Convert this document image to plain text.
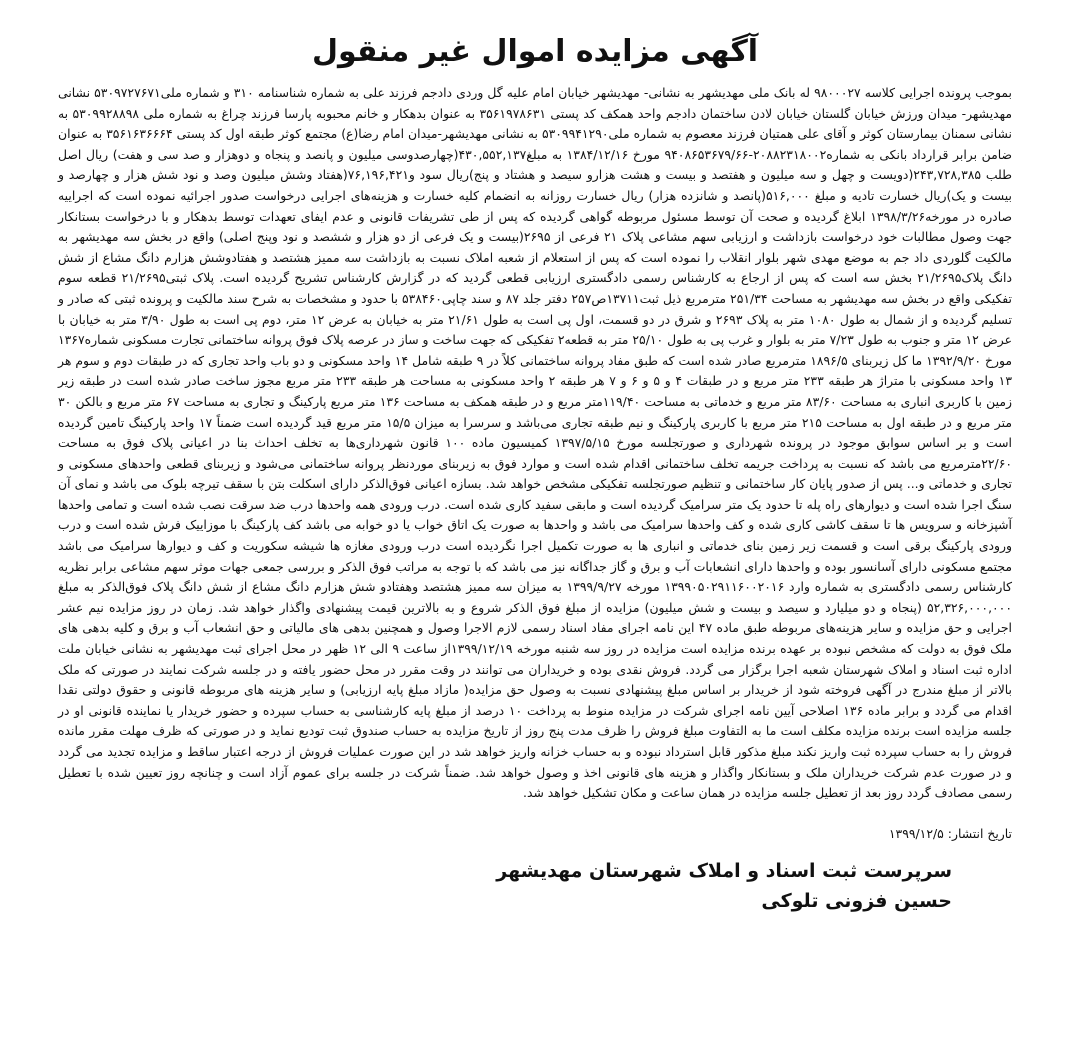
آگهی مزایده اموال غیر منقول

بموجب پرونده اجرایی کلاسه ۹۸۰۰۰۲۷ له بانک ملی مهدیشهر به نشانی- مهدیشهر خیابان امام علیه گل وردی دادجم فرزند علی به شماره شناسنامه ۳۱۰ و شماره ملی۵۳۰۹۷۲۷۶۷۱ نشانی مهدیشهر- میدان ورزش خیابان گلستان خیابان لادن ساختمان دادجم واحد همکف کد پستی ۳۵۶۱۹۷۸۶۳۱ به عنوان بدهکار و خانم محبوبه پارسا فرزند چراغ به شماره ملی ۵۳۰۹۹۲۸۸۹۸ به نشانی سمنان بیمارستان کوثر و آقای علی همتیان فرزند معصوم به شماره ملی۵۳۰۹۹۴۱۲۹۰ به نشانی مهدیشهر-میدان امام رضا(ع) مجتمع کوثر طبقه اول کد پستی ۳۵۶۱۶۳۶۶۶۴ به عنوان ضامن برابر قرارداد بانکی به شماره۲۰۸۸۲۳۱۸۰۰۲-۹۴۰۸۶۵۳۶۷۹/۶۶ مورخ ۱۳۸۴/۱۲/۱۶ به مبلغ۴۳۰,۵۵۲,۱۳۷(چهارصدوسی میلیون و پانصد و پنجاه و دوهزار و صد سی و هفت) ریال اصل طلب ۲۴۳,۷۲۸,۳۸۵(دویست و چهل و سه میلیون و هفتصد و بیست و هشت هزارو سیصد و هشتاد و پنج)ریال سود و۷۶,۱۹۶,۴۲۱(هفتاد وشش میلیون وصد و نود شش هزار و چهارصد و بیست و یک)ریال خسارت تادیه و مبلغ ۵۱۶,۰۰۰(پانصد و شانزده هزار) ریال خسارت روزانه به انضمام کلیه خسارت و هزینه‌های اجرایی درخواست صدور اجرائیه نموده است که اجراییه صادره در مورخه۱۳۹۸/۳/۲۶ ابلاغ گردیده و صحت آن توسط مسئول مربوطه گواهی گردیده که پس از طی تشریفات قانونی و عدم ایفای تعهدات توسط بدهکار و با درخواست بستانکار جهت وصول مطالبات خود درخواست بازداشت و ارزیابی سهم مشاعی پلاک ۲۱ فرعی از ۲۶۹۵(بیست و یک فرعی از دو هزار و ششصد و نود وپنج اصلی) واقع در بخش سه مهدیشهر به مالکیت گلوردی داد جم به موضع مهدی شهر بلوار انقلاب را نموده است که پس از استعلام از شعبه املاک نسبت به بازداشت سه ممیز هشتصد و هفتادوشش هزارم دانگ مشاع از شش دانگ پلاک۲۱/۲۶۹۵ بخش سه است که پس از ارجاع به کارشناس رسمی دادگستری ارزیابی قطعی گردید که در گزارش کارشناس تشریح گردیده است. پلاک ثبتی۲۱/۲۶۹۵ قطعه سوم تفکیکی واقع در بخش سه مهدیشهر به مساحت ۲۵۱/۳۴ مترمربع ذیل ثبت۱۳۷۱۱ص۲۵۷ دفتر جلد ۸۷ و سند چاپی۵۳۸۴۶۰ با حدود و مشخصات به شرح سند مالکیت و پرونده ثبتی که صادر و تسلیم گردیده و از شمال به طول ۱۰۸۰ متر به پلاک ۲۶۹۳ و شرق در دو قسمت، اول پی است به طول ۲۱/۶۱ متر به خیابان به عرض ۱۲ متر، دوم پی است به طول ۳/۹۰ متر به خیابان با عرض ۱۲ متر و جنوب به طول ۷/۲۳ متر به بلوار و غرب پی به طول ۲۵/۱۰ متر به قطعه۲ تفکیکی که جهت ساخت و ساز در عرصه پلاک فوق پروانه ساختمانی تجارت مسکونی شماره۱۳۶۷ مورخ ۱۳۹۲/۹/۲۰ ما کل زیربنای ۱۸۹۶/۵ مترمربع صادر شده است که طبق مفاد پروانه ساختمانی کلاً در ۹ طبقه شامل ۱۴ واحد مسکونی و دو باب واحد تجاری که در طبقات دوم و سوم هر ۱۳ واحد مسکونی با متراژ هر طبقه ۲۳۳ متر مربع و در طبقات ۴ و ۵ و ۶ و ۷ هر طبقه ۲ واحد مسکونی به مساحت هر طبقه ۲۳۳ متر مربع مجوز ساخت صادر شده است در طبقه زیر زمین با کاربری انباری به مساحت ۸۳/۶۰ متر مربع و خدماتی به مساحت ۱۱۹/۴۰متر مربع و در طبقه همکف به مساحت ۱۳۶ متر مربع پارکینگ و تجاری به مساحت ۶۷ متر مربع و بالکن ۳۰ متر مربع و در طبقه اول به مساحت ۲۱۵ متر مربع با کاربری پارکینگ و نیم طبقه تجاری می‌باشد و سرسرا به میزان ۱۵/۵ متر مربع قید گردیده است ضمناً ۱۷ واحد پارکینگ تامین گردیده است و بر اساس سوابق موجود در پرونده شهرداری و صورتجلسه مورخ ۱۳۹۷/۵/۱۵ کمیسیون ماده ۱۰۰ قانون شهرداری‌ها به تخلف احداث بنا در اعیانی پلاک فوق به مساحت ۲۲/۶۰مترمربع می باشد که نسبت به پرداخت جریمه تخلف ساختمانی اقدام شده است و موارد فوق به زیربنای موردنظر پروانه ساختمانی می‌شود و زیربنای قطعی واحدهای مسکونی و تجاری و خدماتی و... پس از صدور پایان کار ساختمانی و تنظیم صورتجلسه تفکیکی مشخص خواهد شد. بسازه اعیانی فوق‌الذکر دارای اسکلت بتن با سقف تیرچه بلوک می باشد و نمای آن سنگ اجرا شده است و دیوارهای راه پله تا حدود یک متر سرامیک گردیده است و مابقی سفید کاری شده است. درب ورودی همه واحدها درب ضد سرقت نصب شده است و تمامی واحدها آشپزخانه و سرویس ها تا سقف کاشی کاری شده و کف واحدها سرامیک می باشد و واحدها به صورت یک اتاق خواب یا دو خوابه می باشد کف پارکینگ با موزاییک فرش شده است و درب ورودی پارکینگ برقی است و قسمت زیر زمین بنای خدماتی و انباری ها به صورت تکمیل اجرا نگردیده است درب ورودی مغازه ها شیشه سکوریت و کف و دیوارها سرامیک می باشد مجتمع مسکونی دارای آسانسور بوده و واحدها دارای انشعابات آب و برق و گاز جداگانه نیز می باشد که با توجه به مراتب فوق الذکر و بررسی جمعی جهات موثر سهم مشاعی برابر نظریه کارشناس رسمی دادگستری به شماره وارد ۱۳۹۹۰۵۰۲۹۱۱۶۰۰۲۰۱۶ مورخه ۱۳۹۹/۹/۲۷ به میزان سه ممیز هشتصد وهفتادو شش هزارم دانگ مشاع از شش دانگ پلاک فوق‌الذکر به مبلغ ۵۲,۳۲۶,۰۰۰,۰۰۰ (پنجاه و دو میلیارد و سیصد و بیست و شش میلیون) مزایده از مبلغ فوق الذکر شروع و به بالاترین قیمت پیشنهادی واگذار خواهد شد. زمان در روز مزایده نیم عشر اجرایی و حق مزایده و سایر هزینه‌های مربوطه طبق ماده ۴۷ این نامه اجرای مفاد اسناد رسمی لازم الاجرا وصول و همچنین بدهی های مالیاتی و حق انشعاب آب و برق و کلیه بدهی های ملک فوق به دولت که مشخص نبوده بر عهده برنده مزایده است مزایده در روز سه شنبه مورخه ۱۳۹۹/۱۲/۱۹از ساعت ۹ الی ۱۲ ظهر در محل اجرای ثبت مهدیشهر به نشانی خیابان ملت اداره ثبت اسناد و املاک شهرستان شعبه اجرا برگزار می گردد. فروش نقدی بوده و خریداران می توانند در وقت مقرر در محل حضور یافته و در جلسه شرکت نمایند در صورتی که ملک بالاتر از مبلغ مندرج در آگهی فروخته شود از خریدار بر اساس مبلغ پیشنهادی نسبت به وصول حق مزایده( مازاد مبلغ پایه ارزیابی) و سایر هزینه های مربوطه قانونی و حقوق دولتی نقدا اقدام می گردد و برابر ماده ۱۳۶ اصلاحی آیین نامه اجرای شرکت در مزایده منوط به پرداخت ۱۰ درصد از مبلغ پایه کارشناسی به حساب سپرده و حضور خریدار یا نماینده قانونی او در جلسه مزایده است برنده مزایده مکلف است ما به التفاوت مبلغ فروش را ظرف مدت پنج روز از تاریخ مزایده به حساب صندوق ثبت توديع نماید و در صورتی که ظرف مهلت مقرر مانده فروش را به حساب سپرده ثبت واریز نکند مبلغ مذکور قابل استرداد نبوده و به حساب خزانه واریز خواهد شد در این صورت عملیات فروش از درجه اعتبار ساقط و مزایده تجدید می گردد و در صورت عدم شرکت خریداران ملک و بستانکار واگذار و هزینه های قانونی اخذ و وصول خواهد شد. ضمناً شرکت در جلسه برای عموم آزاد است و چنانچه روز تعیین شده با تعطیل رسمی مصادف گردد روز بعد از تعطیل جلسه مزایده در همان ساعت و مکان تشکیل خواهد شد.

تاریخ انتشار: ۱۳۹۹/۱۲/۵
سرپرست ثبت اسناد و املاک شهرستان مهدیشهر
حسین فزونی تلوکی
